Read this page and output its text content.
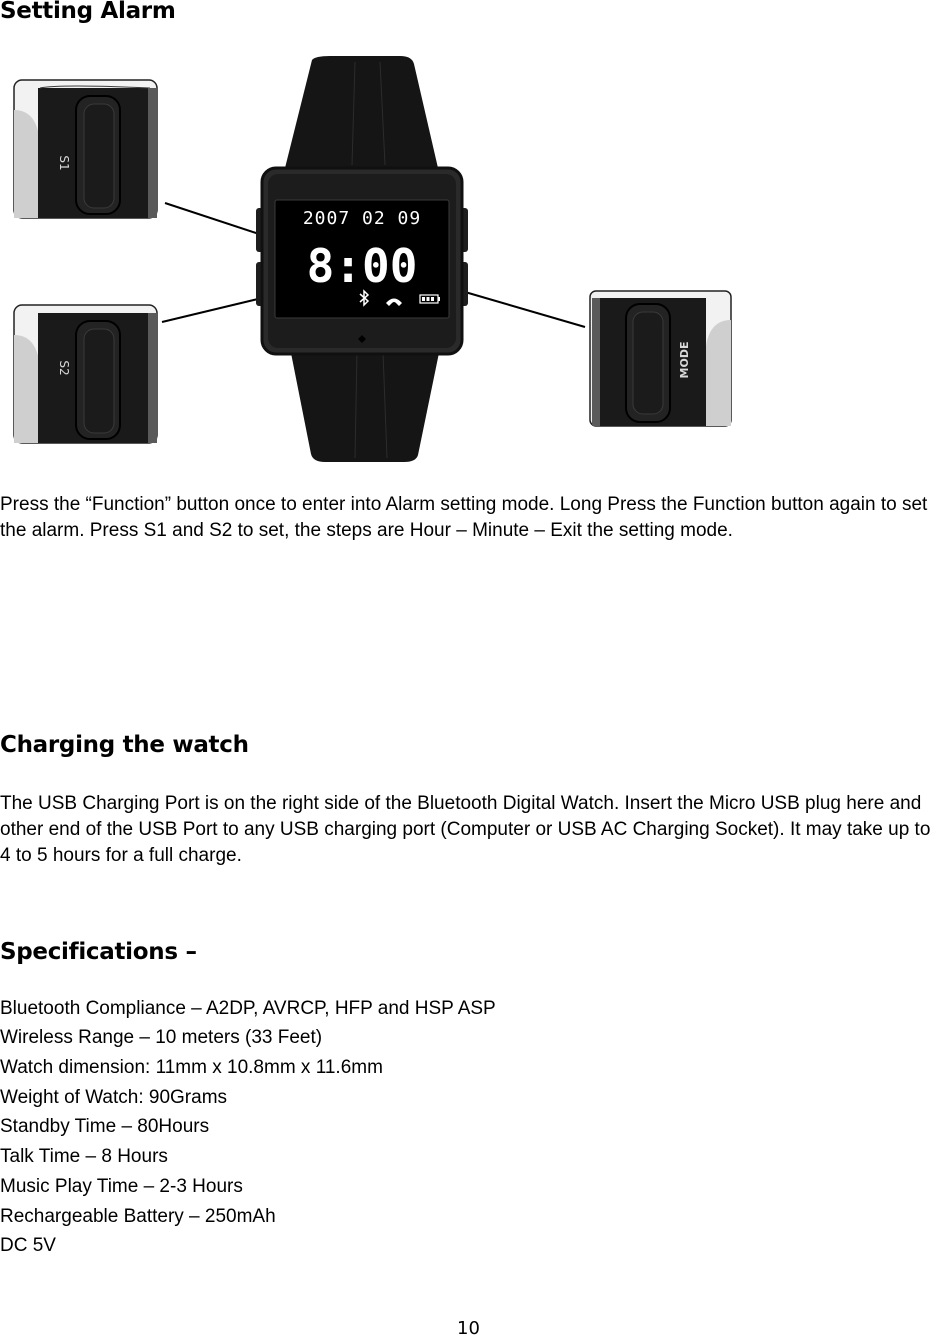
Setting Alarm
2007 02 09
8:00
S1
S2	MODE

Press the “Function” button once to enter into Alarm setting mode. Long Press the Function button again to set the alarm. Press S1 and S2 to set, the steps are Hour – Minute – Exit the setting mode.

Charging the watch

The USB Charging Port is on the right side of the Bluetooth Digital Watch. Insert the Micro USB plug here and other end of the USB Port to any USB charging port (Computer or USB AC Charging Socket). It may take up to 4 to 5 hours for a full charge.

Specifications –

Bluetooth Compliance – A2DP, AVRCP, HFP and HSP ASP

Wireless Range – 10 meters (33 Feet)

Watch dimension: 11mm x 10.8mm x 11.6mm

Weight of Watch: 90Grams

Standby Time – 80Hours

Talk Time – 8 Hours

Music Play Time – 2-3 Hours

Rechargeable Battery – 250mAh

DC 5V

10
